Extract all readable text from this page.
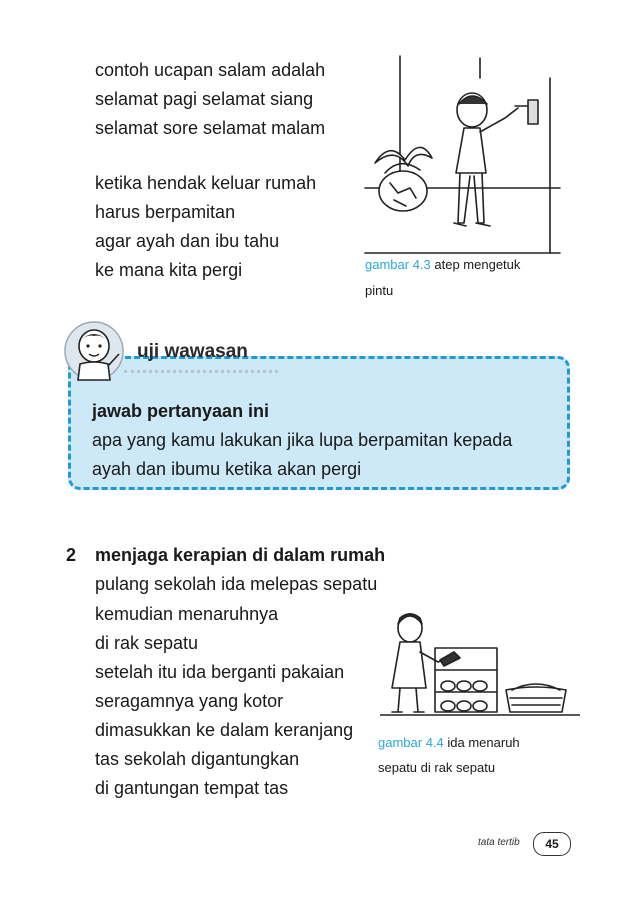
contoh ucapan salam adalah
selamat pagi selamat siang
selamat sore selamat malam
ketika hendak keluar rumah
harus berpamitan
agar ayah dan ibu tahu
ke mana kita pergi	gambar 4.3 atep mengetuk
pintu
uji wawasan
jawab pertanyaan ini
apa yang kamu lakukan jika lupa berpamitan kepada
ayah dan ibumu ketika akan pergi
2 menjaga kerapian di dalam rumah
pulang sekolah ida melepas sepatu
kemudian menaruhnya
di rak sepatu
setelah itu ida berganti pakaian
seragamnya yang kotor
dimasukkan ke dalam keranjang
tas sekolah digantungkan
di gantungan tempat tas
gambar 4.4 ida menaruh
sepatu di rak sepatu
tata tertib	45
